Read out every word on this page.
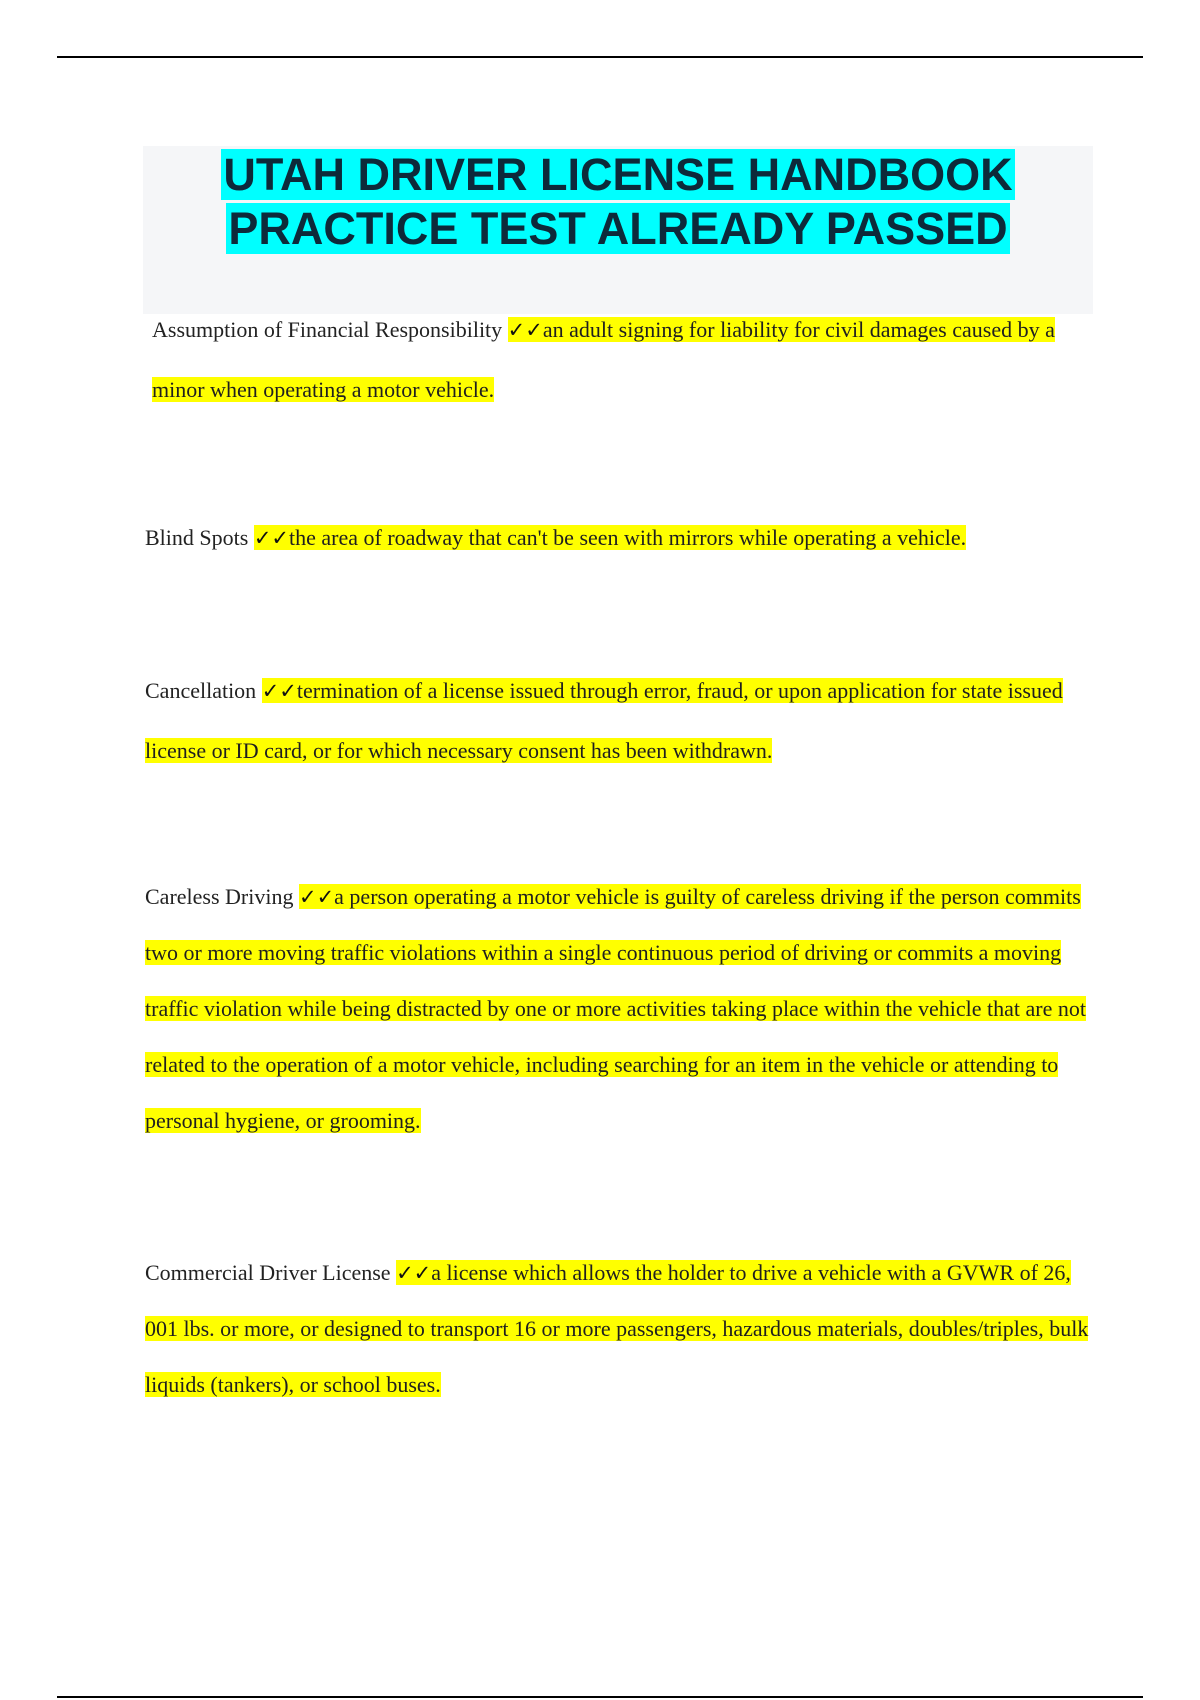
UTAH DRIVER LICENSE HANDBOOK
PRACTICE TEST ALREADY PASSED

Assumption of Financial Responsibility ✓✓an adult signing for liability for civil damages caused by a minor when operating a motor vehicle.

Blind Spots ✓✓the area of roadway that can't be seen with mirrors while operating a vehicle.

Cancellation ✓✓termination of a license issued through error, fraud, or upon application for state issued license or ID card, or for which necessary consent has been withdrawn.

Careless Driving ✓✓a person operating a motor vehicle is guilty of careless driving if the person commits two or more moving traffic violations within a single continuous period of driving or commits a moving traffic violation while being distracted by one or more activities taking place within the vehicle that are not related to the operation of a motor vehicle, including searching for an item in the vehicle or attending to personal hygiene, or grooming.

Commercial Driver License ✓✓a license which allows the holder to drive a vehicle with a GVWR of 26, 001 lbs. or more, or designed to transport 16 or more passengers, hazardous materials, doubles/triples, bulk liquids (tankers), or school buses.
